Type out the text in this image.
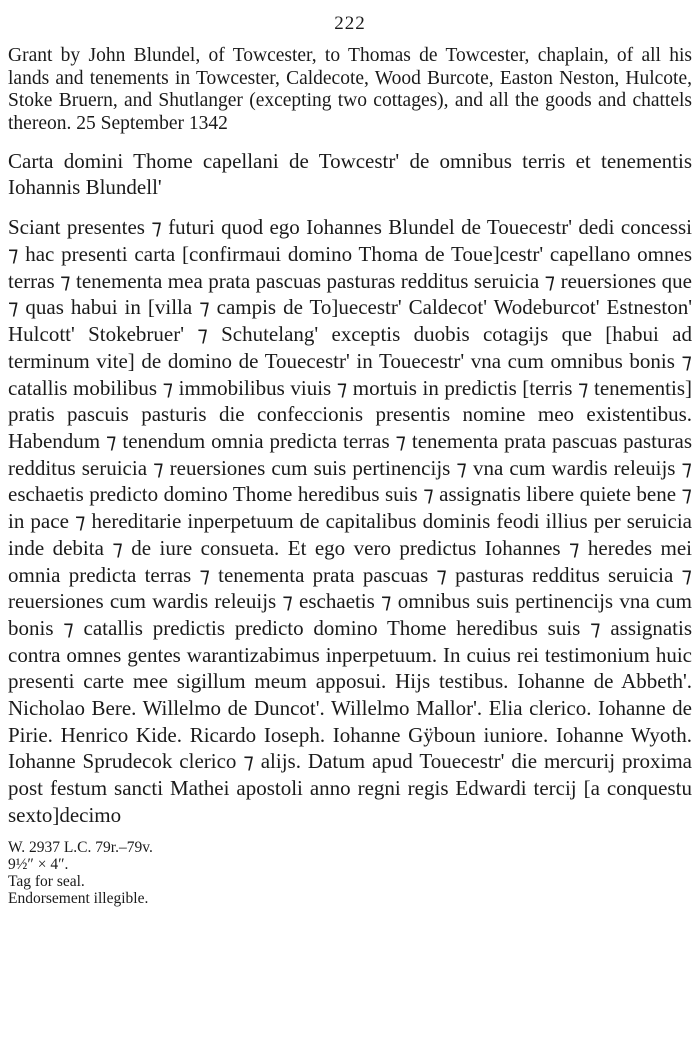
222

Grant by John Blundel, of Towcester, to Thomas de Towcester, chaplain, of all his lands and tenements in Towcester, Caldecote, Wood Burcote, Easton Neston, Hulcote, Stoke Bruern, and Shutlanger (excepting two cottages), and all the goods and chattels thereon. 25 September 1342

Carta domini Thome capellani de Towcestr' de omnibus terris et tenementis Iohannis Blundell'

Sciant presentes ⁊ futuri quod ego Iohannes Blundel de Touecestr' dedi concessi ⁊ hac presenti carta [confirmaui domino Thoma de Toue]cestr' capellano omnes terras ⁊ tenementa mea prata pascuas pasturas redditus seruicia ⁊ reuersiones que ⁊ quas habui in [villa ⁊ campis de To]uecestr' Caldecot' Wodeburcot' Estneston' Hulcott' Stokebruer' ⁊ Schutelang' exceptis duobis cotagijs que [habui ad terminum vite] de domino de Touecestr' in Touecestr' vna cum omnibus bonis ⁊ catallis mobilibus ⁊ immobilibus viuis ⁊ mortuis in predictis [terris ⁊ tenementis] pratis pascuis pasturis die confeccionis presentis nomine meo existentibus. Habendum ⁊ tenendum omnia predicta terras ⁊ tenementa prata pascuas pasturas redditus seruicia ⁊ reuersiones cum suis pertinencijs ⁊ vna cum wardis releuijs ⁊ eschaetis predicto domino Thome heredibus suis ⁊ assignatis libere quiete bene ⁊ in pace ⁊ hereditarie inperpetuum de capitalibus dominis feodi illius per seruicia inde debita ⁊ de iure consueta. Et ego vero predictus Iohannes ⁊ heredes mei omnia predicta terras ⁊ tenementa prata pascuas ⁊ pasturas redditus seruicia ⁊ reuersiones cum wardis releuijs ⁊ eschaetis ⁊ omnibus suis pertinencijs vna cum bonis ⁊ catallis predictis predicto domino Thome heredibus suis ⁊ assignatis contra omnes gentes warantizabimus inperpetuum. In cuius rei testimonium huic presenti carte mee sigillum meum apposui. Hijs testibus. Iohanne de Abbeth'. Nicholao Bere. Willelmo de Duncot'. Willelmo Mallor'. Elia clerico. Iohanne de Pirie. Henrico Kide. Ricardo Ioseph. Iohanne Gÿboun iuniore. Iohanne Wyoth. Iohanne Sprudecok clerico ⁊ alijs. Datum apud Touecestr' die mercurij proxima post festum sancti Mathei apostoli anno regni regis Edwardi tercij [a conquestu sexto]decimo

W. 2937 L.C. 79r.–79v.
9½″ × 4″.
Tag for seal.
Endorsement illegible.
